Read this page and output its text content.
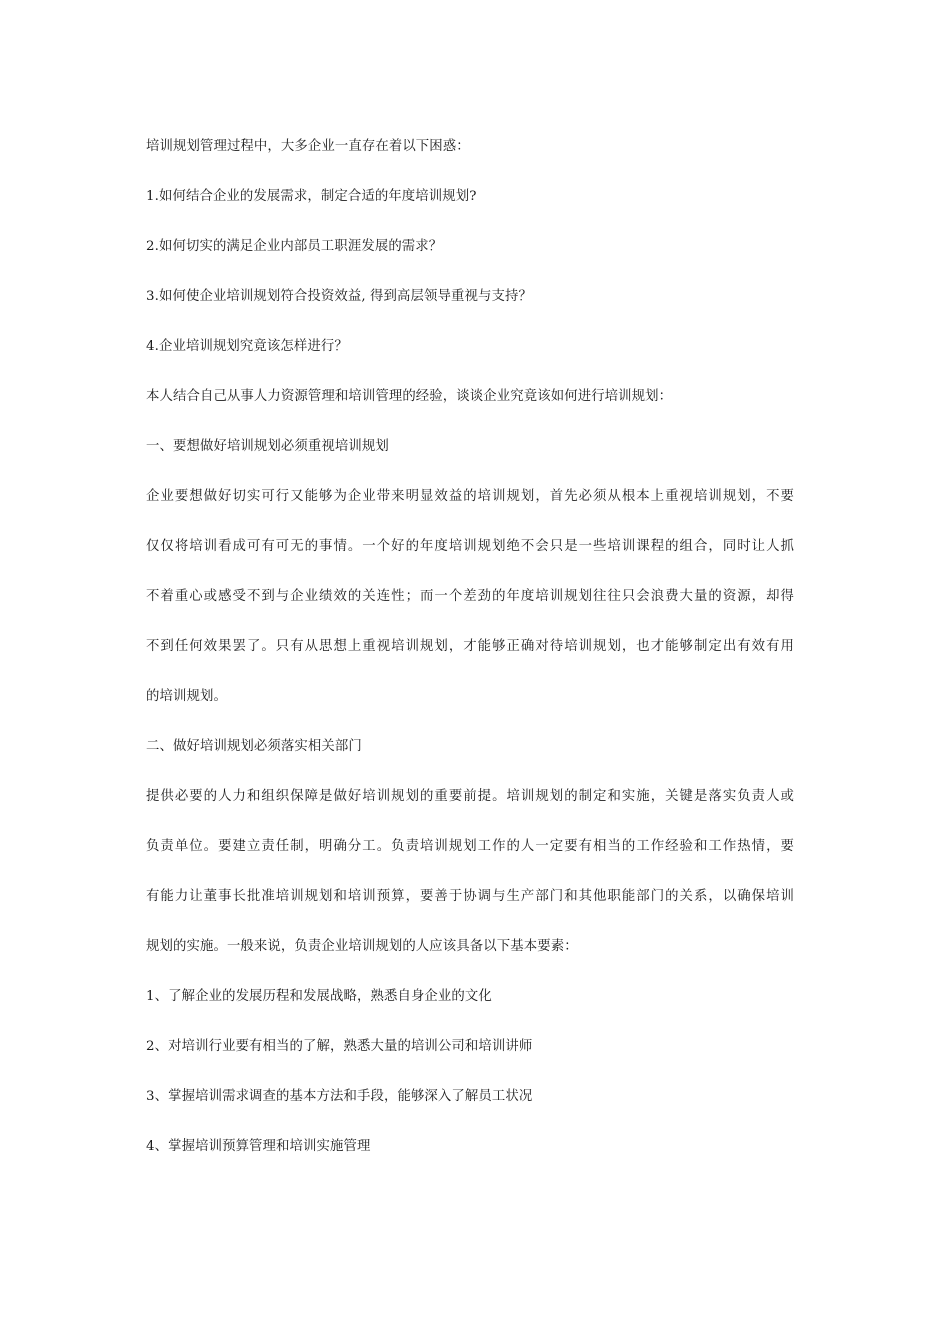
培训规划管理过程中，大多企业一直存在着以下困惑：

1.如何结合企业的发展需求，制定合适的年度培训规划?

2.如何切实的满足企业内部员工职涯发展的需求？

3.如何使企业培训规划符合投资效益, 得到高层领导重视与支持？

4.企业培训规划究竟该怎样进行？

本人结合自己从事人力资源管理和培训管理的经验，谈谈企业究竟该如何进行培训规划：

一、要想做好培训规划必须重视培训规划

企业要想做好切实可行又能够为企业带来明显效益的培训规划，首先必须从根本上重视培训规划，不要

仅仅将培训看成可有可无的事情。一个好的年度培训规划绝不会只是一些培训课程的组合，同时让人抓

不着重心或感受不到与企业绩效的关连性；而一个差劲的年度培训规划往往只会浪费大量的资源，却得

不到任何效果罢了。只有从思想上重视培训规划，才能够正确对待培训规划，也才能够制定出有效有用

的培训规划。

二、做好培训规划必须落实相关部门

提供必要的人力和组织保障是做好培训规划的重要前提。培训规划的制定和实施，关键是落实负责人或

负责单位。要建立责任制，明确分工。负责培训规划工作的人一定要有相当的工作经验和工作热情，要

有能力让董事长批准培训规划和培训预算，要善于协调与生产部门和其他职能部门的关系，以确保培训

规划的实施。一般来说，负责企业培训规划的人应该具备以下基本要素：

1、了解企业的发展历程和发展战略，熟悉自身企业的文化

2、对培训行业要有相当的了解，熟悉大量的培训公司和培训讲师

3、掌握培训需求调查的基本方法和手段，能够深入了解员工状况

4、掌握培训预算管理和培训实施管理
